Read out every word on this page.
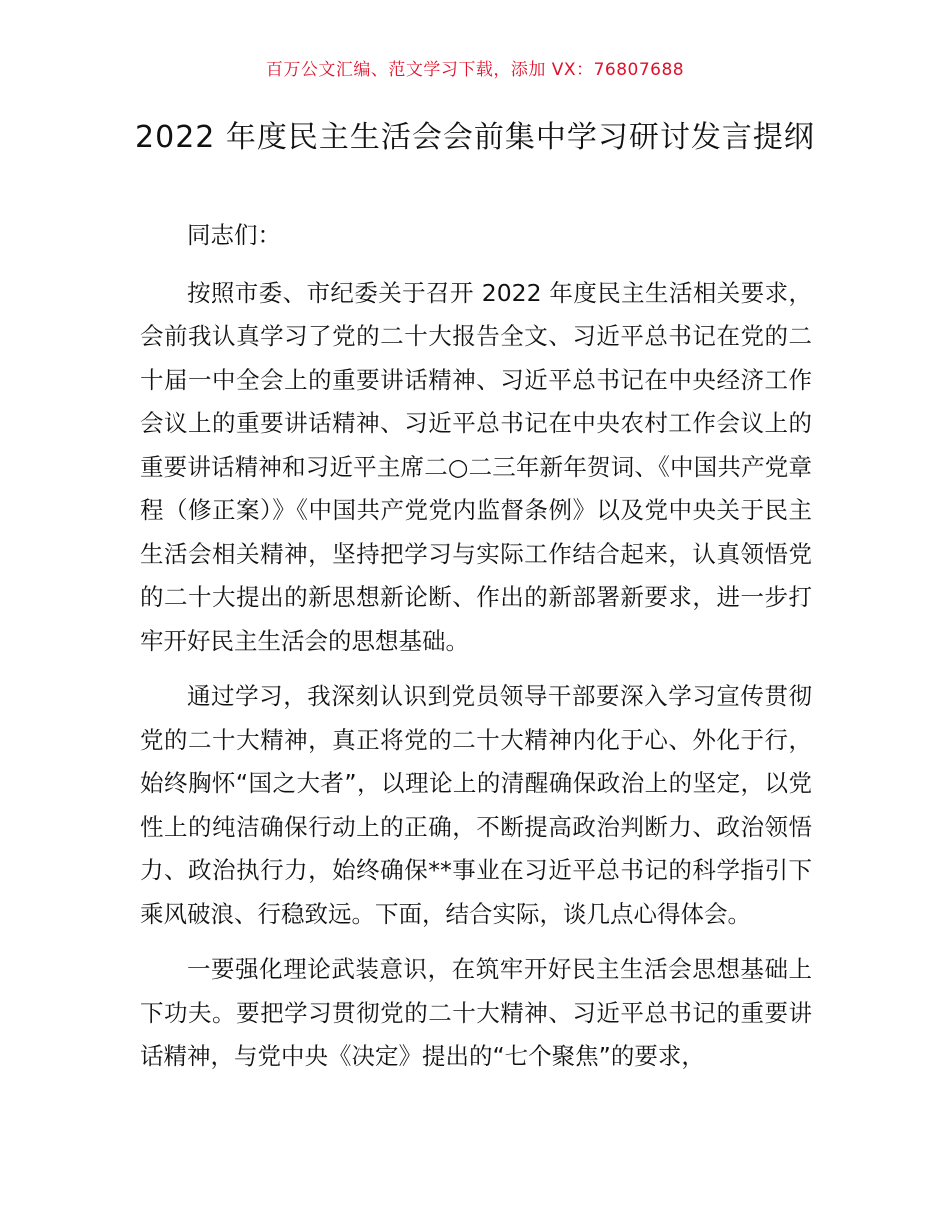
百万公文汇编、范文学习下载，添加 VX：76807688
2022 年度民主生活会会前集中学习研讨发言提纲

同志们：

按照市委、市纪委关于召开 2022 年度民主生活相关要求，会前我认真学习了党的二十大报告全文、习近平总书记在党的二十届一中全会上的重要讲话精神、习近平总书记在中央经济工作会议上的重要讲话精神、习近平总书记在中央农村工作会议上的重要讲话精神和习近平主席二○二三年新年贺词、《中国共产党章程（修正案）》《中国共产党党内监督条例》以及党中央关于民主生活会相关精神，坚持把学习与实际工作结合起来，认真领悟党的二十大提出的新思想新论断、作出的新部署新要求，进一步打牢开好民主生活会的思想基础。

通过学习，我深刻认识到党员领导干部要深入学习宣传贯彻党的二十大精神，真正将党的二十大精神内化于心、外化于行，始终胸怀“国之大者”，以理论上的清醒确保政治上的坚定，以党性上的纯洁确保行动上的正确，不断提高政治判断力、政治领悟力、政治执行力，始终确保**事业在习近平总书记的科学指引下乘风破浪、行稳致远。下面，结合实际，谈几点心得体会。

一要强化理论武装意识，在筑牢开好民主生活会思想基础上下功夫。要把学习贯彻党的二十大精神、习近平总书记的重要讲话精神，与党中央《决定》提出的“七个聚焦”的要求，
